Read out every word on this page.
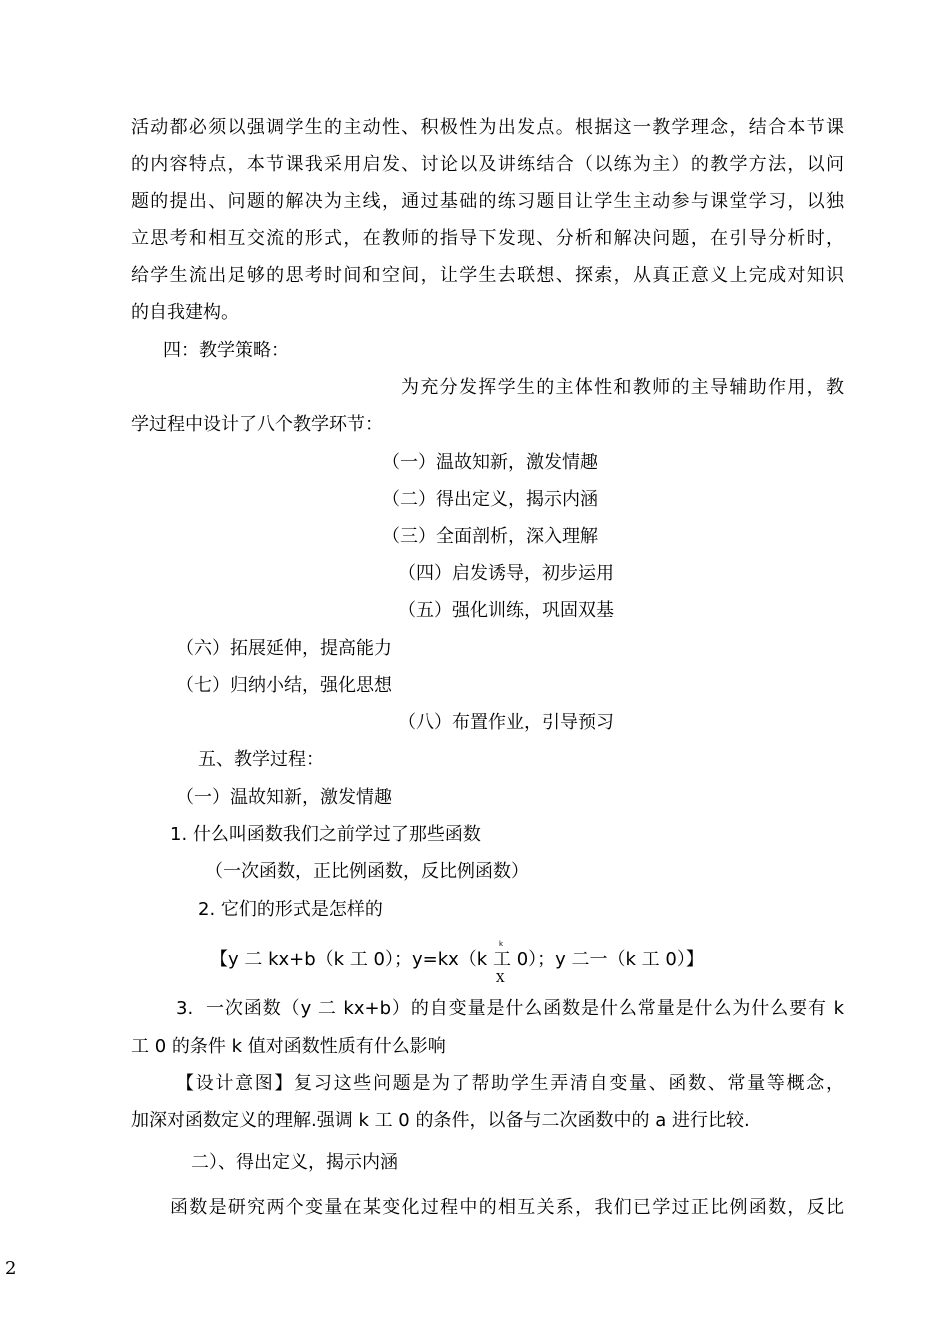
活动都必须以强调学生的主动性、积极性为出发点。根据这一教学理念，结合本节课
的内容特点，本节课我采用启发、讨论以及讲练结合（以练为主）的教学方法，以问
题的提出、问题的解决为主线，通过基础的练习题目让学生主动参与课堂学习，以独
立思考和相互交流的形式，在教师的指导下发现、分析和解决问题，在引导分析时，
给学生流出足够的思考时间和空间，让学生去联想、探索，从真正意义上完成对知识
的自我建构。
四：教学策略：
为充分发挥学生的主体性和教师的主导辅助作用，教
学过程中设计了八个教学环节：
（一）温故知新，激发情趣
（二）得出定义，揭示内涵
（三）全面剖析，深入理解
（四）启发诱导，初步运用
（五）强化训练，巩固双基
（六）拓展延伸，提高能力
（七）归纳小结，强化思想
（八）布置作业，引导预习
五、教学过程：
（一）温故知新，激发情趣
1. 什么叫函数我们之前学过了那些函数
（一次函数，正比例函数，反比例函数）
2. 它们的形式是怎样的
【y 二 kx+b（k 工 0）；y=kx（k
k
工
X
0）；y 二一（k 工 0）】
3. 一次函数（y 二 kx+b）的自变量是什么函数是什么常量是什么为什么要有 k
工 0 的条件 k 值对函数性质有什么影响
【设计意图】复习这些问题是为了帮助学生弄清自变量、函数、常量等概念，
加深对函数定义的理解.强调 k 工 0 的条件，以备与二次函数中的 a 进行比较.
二）、得出定义，揭示内涵
函数是研究两个变量在某变化过程中的相互关系，我们已学过正比例函数，反比
2
